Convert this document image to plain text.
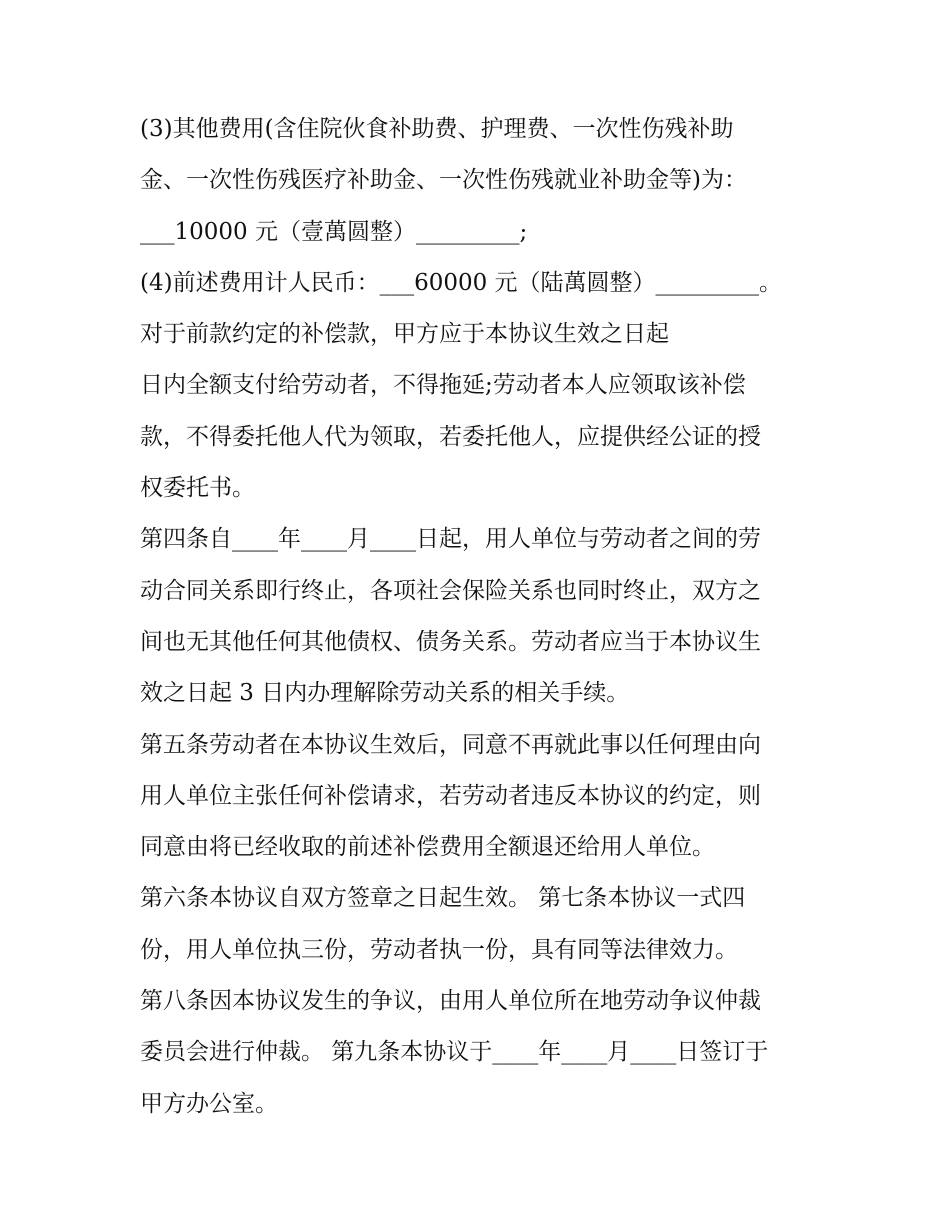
(3)其他费用(含住院伙食补助费、护理费、一次性伤残补助
金、一次性伤残医疗补助金、一次性伤残就业补助金等)为：
___10000 元（壹萬圆整）_________;
(4)前述费用计人民币：___60000 元（陆萬圆整）_________。
对于前款约定的补偿款，甲方应于本协议生效之日起
日内全额支付给劳动者，不得拖延;劳动者本人应领取该补偿
款，不得委托他人代为领取，若委托他人，应提供经公证的授
权委托书。
第四条自____年____月____日起，用人单位与劳动者之间的劳
动合同关系即行终止，各项社会保险关系也同时终止，双方之
间也无其他任何其他债权、债务关系。劳动者应当于本协议生
效之日起 3 日内办理解除劳动关系的相关手续。
第五条劳动者在本协议生效后，同意不再就此事以任何理由向
用人单位主张任何补偿请求，若劳动者违反本协议的约定，则
同意由将已经收取的前述补偿费用全额退还给用人单位。
第六条本协议自双方签章之日起生效。 第七条本协议一式四
份，用人单位执三份，劳动者执一份，具有同等法律效力。
第八条因本协议发生的争议，由用人单位所在地劳动争议仲裁
委员会进行仲裁。 第九条本协议于____年____月____日签订于
甲方办公室。
